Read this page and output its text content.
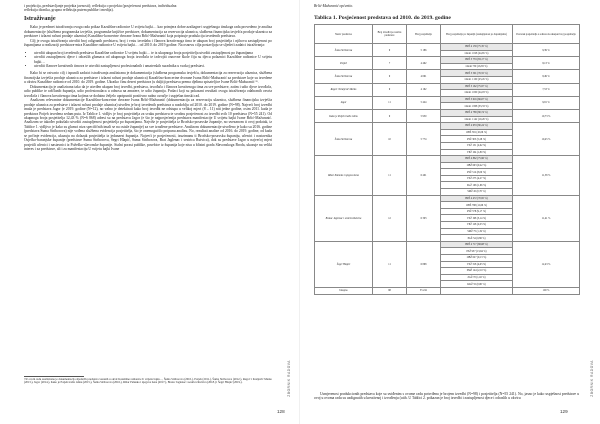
i projekcija, predstavljanje projekta javnosti); refleksija o projektu (posjećenost predstava, individualna

refleksija dionika, grupna refleksija putem publike i medija).

Istraživanje

Kako je predmet istraživanja ovoga rada prikaz Kazališne radionice U svijetu bajki… kao primjera dobre azaliagne i uspješnoga tinskoga rada provedeno je analiza dokumentacije (službena programska izvješća, programske knjižice predstave, dokumentacija za rezervacija ulaznica, službena financijska izvješća prodaje ulaznica za predstave i izlazni računi prodaje ulaznica) Kazališno-koncertne dvorane Ivana Brlić-Mažuranić koja potpisuje produkciju izvedenih predstava.

Cilj je ovoga istraživanja utvrditi broj odigranih predstava, broj i vrstu izvedaba i članova kreativnoga tima te ukupan broj posjetitelja i njihovu zastupljenost po županijama u realizaciji predstava-mira Kazališne radionice U svijetu bajki… od 2010. do 2019 godine. Na osnovu cilja postavljaju se sljedeći zadatci istraživanja:

• utvrditi ukupan broj izvedenih predstava Kazališne radionice U svijetu bajki… te iz ukupnoga broja posjetitelja utvrditi zastupljenost po županijama
• utvrditi zastupljenost djece i odraslih glumaca od ukupnoga broja izvođača te izdvojiti osnovne škole čiju su djecu polaznici Kazališne radionice U svijetu bajki…
• utvrditi članove kreativnih timova te utvrditi zastupljenost profesionalnih i amaterskih suradnika u svakoj predstavi.

Kako bi se ostvario cilj i ispunili zadatci istraživanja analizirana je dokumentacija (službena programska izvješća, dokumentacija za rezervacija ulaznica, službena financijska izvješća prodaje ulaznica za predstave i izlazni računi prodaje ulaznica) Kazališno-koncertne dvorane Ivana Brlić-Mažuranić za predstave koje su izvedene u okviru Kazališne radionice od 2010. do 2019. godine. Ukratko činu desert predstava (u daljiiji predstava prema djelima spisateljice Ivane Brlić-Mažuranić ³¹.

Dokumentacija je analizirana tako da je utvrđen ukupan broj izvedbi, predstava, izvođača i članova kreativnoga tima za sve predstave, zatim i udio djece izvođača, udio publike te raščlanib županija, udio profesionalaca u odnosu na amatere, te udio županija. Podaci koji su pokazani rezultati ovoga istraživanja odabranih osvrta izvođača i članova kreativnoga tima kojima se dodatno željelo upotpuniti pozitivno radno ozračje i uspješan timski rad.

Analizom relevantne dokumentacije Kazališno-koncertne dvorane Ivana Brlić-Mažuranić (dokumentacija za rezervaciju ulaznica, službena financijska izvješća prodaje ulaznica za predstave i izlazni računi prodaje ulaznica) utvrđen je broj izvedenih predstava u razdoblju od 2010. do 2019. godine (N=98). Najveći broj izvedbi imala je predstava Jagor (e 2019. godine (N=12), no valno je detektirati kako broj izvedbi ne odstupa u velikoj mjeri (8 – 11) niti jedne godine, osim 2011. kada je predstava Potjeh izvedena sedam puta. Iz Tablice 1. vidljiv je broj posjetitelja za svaku predstavu te svodnu posjećenost za izvedbi svih 10 predstava (N=55 241). Od ukupnoga broja posjetitelja 12,43 % (N=6 868) adresi su na predstavu Jagor (e što je najposjećenija predstava manifestacije U svijetu bajki Ivane Brlić-Mažuranić. Analizom se također pokušalo utvrditi zastupljenost posjetitelja po županijama. Najviše je posjetitelja iz Brodsko-posavske županije, no uvezanom ti ovoj podatak, iz Tablice 1. vidljivo je kako su glumci niza specifičnih imali se na ostale županije) za sve izrađene predstave. Analizom dokumentacije utvrđeno je kako su 2016. godine (predstava Šuma Striborova) nije vođena službena evidencija posjetitelja, što je onemogućilo potpunu analizu. No, rezultati analize od 2016. do 2019. godine, od kada se počinje evidencija, ukazuju na dolazak posjetitelja iz jedanaest županija. Najveći je posjećenosti, izuzimanu ti Brodsko-posavsku županiju, učenici i nastavnika Osječko-baranjske županije (predstave Šuma Striborova, Šegrt Hlapić, Suma Striborova, Brat Jaglenac i sestrica Rutvica), dok su predstave Jagor u najvećoj mjeri posjetili učenici i nastavnici iz Požeško-slavonske županije. Stalni porast publike, posebice iz županija koje nisu u blizini grada Slavonskoga Broda, ukazuje na veliki interes i za predstave, ali i za manifestaciju U svijetu bajki Ivane

³¹U ovom radu analizirana je dokumentacija sljedećih predstava vezanih u okvir Kazališne radionice U svijetu bajki…, Šuma Striborova (2010.), Potjeh (2011.), Šuma Striborova (2012.), Regoč i Kraljević Marko (2013.), Jagor (2014.), Kako je Potjeh tražio istinu (2015.), Šuma Striborova (2016.), Ribar Palunko i njegova žena (2017.), Bratac Jaglenac i sestrica Rutvica (2018.) i Šegrt Hlapić (2019.).	ZBORNIK RADOVA
128
Brlić-Mažuranić općenito.
Tablica 1. Posjećenost predstava od 2010. do 2019. godine
Naziv predstave	Broj izvedbi po nazivu predstave	Broj posjetitelja	Broj posjetitelja po županiji (zastupljenost po županijama)	Postotak posjetitelja u odnosu na ukupan broj posjetitelja
Šuma Striborova	9	5 186	BPŽ 4 158 (75,35 %)	9,39 %
			Ostali 1 028 (24,65 %)	
Potjeh	7	4 492	BPŽ 3 733 (83,17 %)	8,13 %
			Ostali 759 (16,83 %)	
Šuma Striborova	9	4 691	BPŽ 3 591 (76,55 %)	8,49 %
			Ostali 1 100 (23,45 %)	
Regoč i Kraljević Marko	9	4 162	BPŽ 3 162 (75,97 %)	7,53 %
			Ostali 1 000 (24,03 %)	
Jagor	11	5 424	BPŽ 3 616 (66,67 %)	9,81 %
			Ostali 1 808 (33,33 %)	
Kako je Potjeh tražio istinu	9	5 930	BPŽ 4 788 (80,74 %)	10,73 %
			Ostali 1 142 (19,26 %)	
Šuma Striborova	10	5 774	BPŽ 4 633 (80,24 %)	10,45 %
			OBŽ 581 (10,06 %)	
			PSŽ 305 (5,28 %)	
			VSŽ 151 (2,62 %)	
			VPŽ 104 (1,80 %)	
Ribar Palunko i njegova žena	11	6 401	BPŽ 4 862 (75,96 %)	11,58 %
			OBŽ 603 (9,42 %)	
			PSŽ 512 (8,00 %)	
			VSŽ 273 (4,27 %)	
			ZGŽ 106 (1,66 %)	
			SMŽ 45 (0,70 %)	
Bratac Jaglenac i sestrica Rutvica	12	6 303	BPŽ 4 472 (70,95 %)	11,41 %
			OBŽ 798 (12,66 %)	
			PSŽ 578 (9,17 %)	
			VSŽ 198 (3,14 %)	
			VPŽ 128 (2,03 %)	
			SMŽ 75 (1,19 %)	
			PGŽ 54 (0,86 %)	
Šegrt Hlapić	11	6 868	BPŽ 4 717 (68,68 %)	12,43 %
			PSŽ 937 (13,64 %)	
			OBŽ 627 (9,13 %)	
			VSŽ 318 (4,63 %)	
			SMŽ 144 (2,10 %)	
			ZGŽ 70 (1,02 %)	
			KKŽ 55 (0,80 %)	
Ukupno	98	55 241		100 %

Usmjerenost produkcionih predstava koje su uviđenim s ovome radu potvrđena je brojem izvedbi (N=98) i posjetitelja (N=55 241). No, jasno je kako uspješnost predstave u ovoj u ovoma radu su uzdignutih u kreativnoj i izvođenju (utih. U Tablici 2. prikazan je broj izvedbi i zastupljenost djece i odraslih u okviru

ZBORNIK RADOVA
129
